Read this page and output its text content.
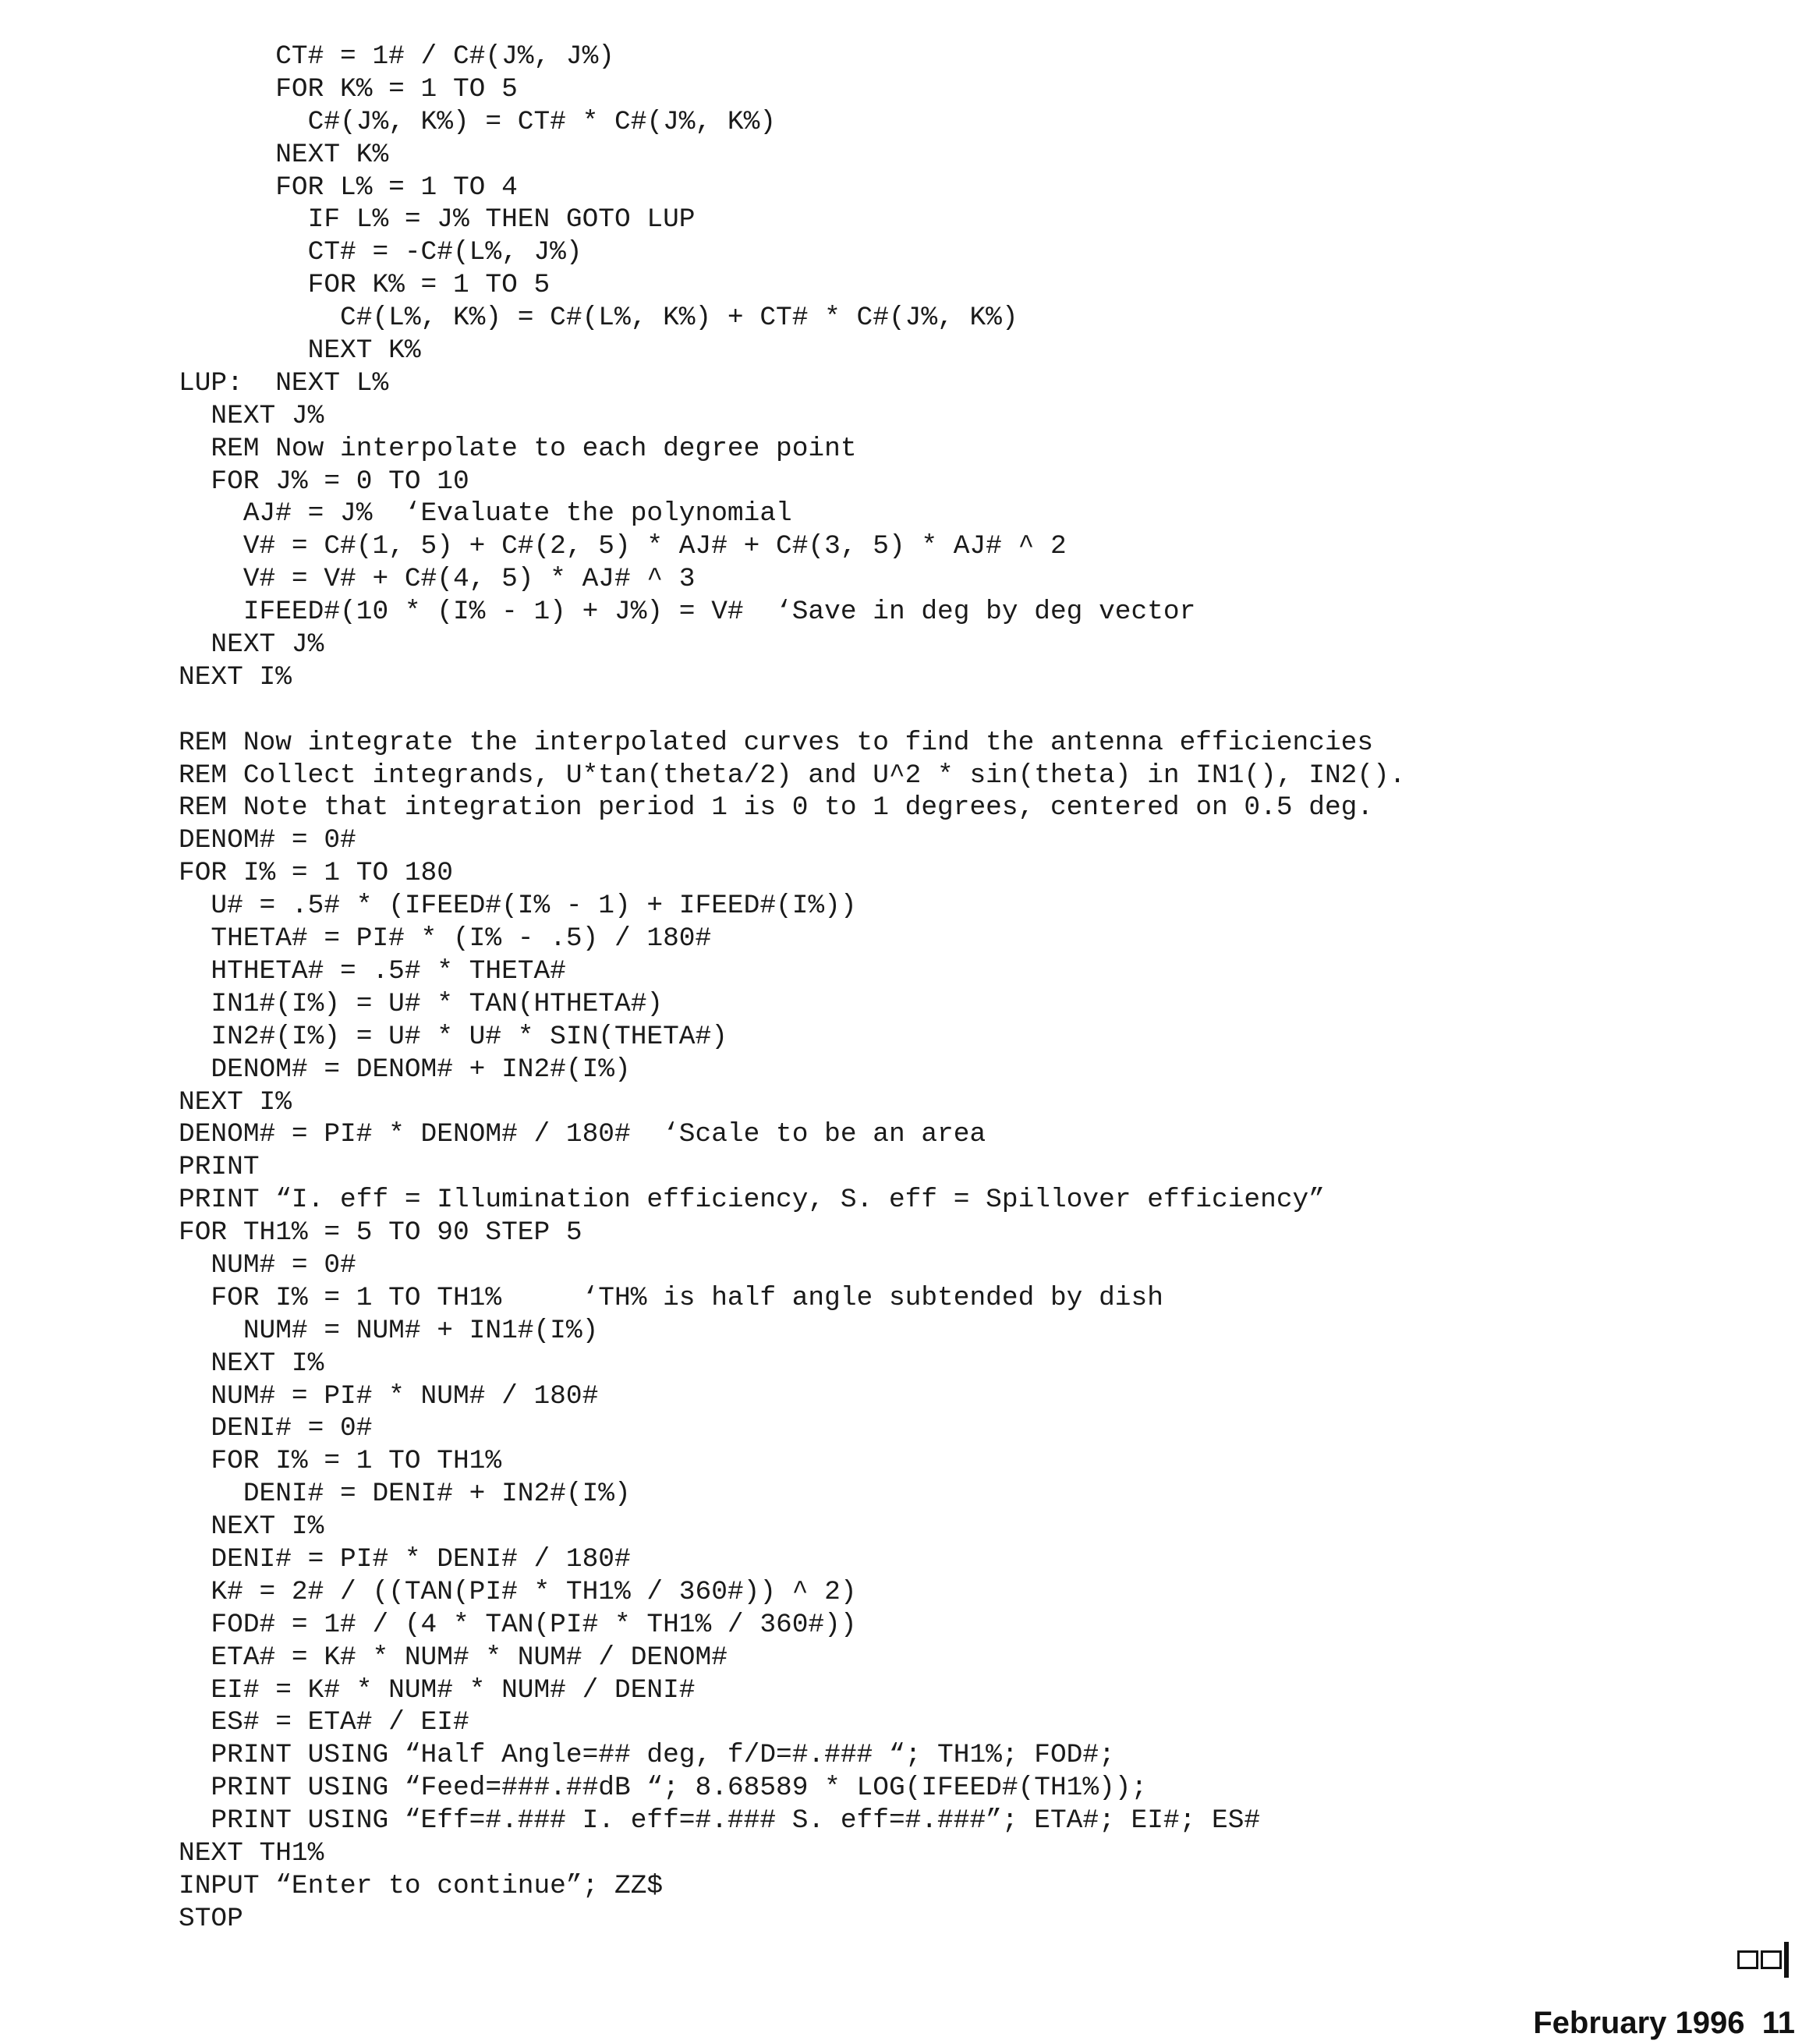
CT# = 1# / C#(J%, J%)
FOR K% = 1 TO 5
C#(J%, K%) = CT# * C#(J%, K%)
NEXT K%
FOR L% = 1 TO 4
IF L% = J% THEN GOTO LUP
CT# = -C#(L%, J%)
FOR K% = 1 TO 5
C#(L%, K%) = C#(L%, K%) + CT# * C#(J%, K%)
NEXT K%
LUP:  NEXT L%
NEXT J%
REM Now interpolate to each degree point
FOR J% = 0 TO 10
AJ# = J%  ‘Evaluate the polynomial
V# = C#(1, 5) + C#(2, 5) * AJ# + C#(3, 5) * AJ# ^ 2
V# = V# + C#(4, 5) * AJ# ^ 3
IFEED#(10 * (I% - 1) + J%) = V#  ‘Save in deg by deg vector
NEXT J%
NEXT I%

REM Now integrate the interpolated curves to find the antenna efficiencies
REM Collect integrands, U*tan(theta/2) and U^2 * sin(theta) in IN1(), IN2().
REM Note that integration period 1 is 0 to 1 degrees, centered on 0.5 deg.
DENOM# = 0#
FOR I% = 1 TO 180
U# = .5# * (IFEED#(I% - 1) + IFEED#(I%))
THETA# = PI# * (I% - .5) / 180#
HTHETA# = .5# * THETA#
IN1#(I%) = U# * TAN(HTHETA#)
IN2#(I%) = U# * U# * SIN(THETA#)
DENOM# = DENOM# + IN2#(I%)
NEXT I%
DENOM# = PI# * DENOM# / 180#  ‘Scale to be an area
PRINT
PRINT “I. eff = Illumination efficiency, S. eff = Spillover efficiency”
FOR TH1% = 5 TO 90 STEP 5
NUM# = 0#
FOR I% = 1 TO TH1%     ‘TH% is half angle subtended by dish
NUM# = NUM# + IN1#(I%)
NEXT I%
NUM# = PI# * NUM# / 180#
DENI# = 0#
FOR I% = 1 TO TH1%
DENI# = DENI# + IN2#(I%)
NEXT I%
DENI# = PI# * DENI# / 180#
K# = 2# / ((TAN(PI# * TH1% / 360#)) ^ 2)
FOD# = 1# / (4 * TAN(PI# * TH1% / 360#))
ETA# = K# * NUM# * NUM# / DENOM#
EI# = K# * NUM# * NUM# / DENI#
ES# = ETA# / EI#
PRINT USING “Half Angle=## deg, f/D=#.### “; TH1%; FOD#;
PRINT USING “Feed=###.##dB “; 8.68589 * LOG(IFEED#(TH1%));
PRINT USING “Eff=#.### I. eff=#.### S. eff=#.###”; ETA#; EI#; ES#
NEXT TH1%
INPUT “Enter to continue”; ZZ$
STOP
February 1996  11
